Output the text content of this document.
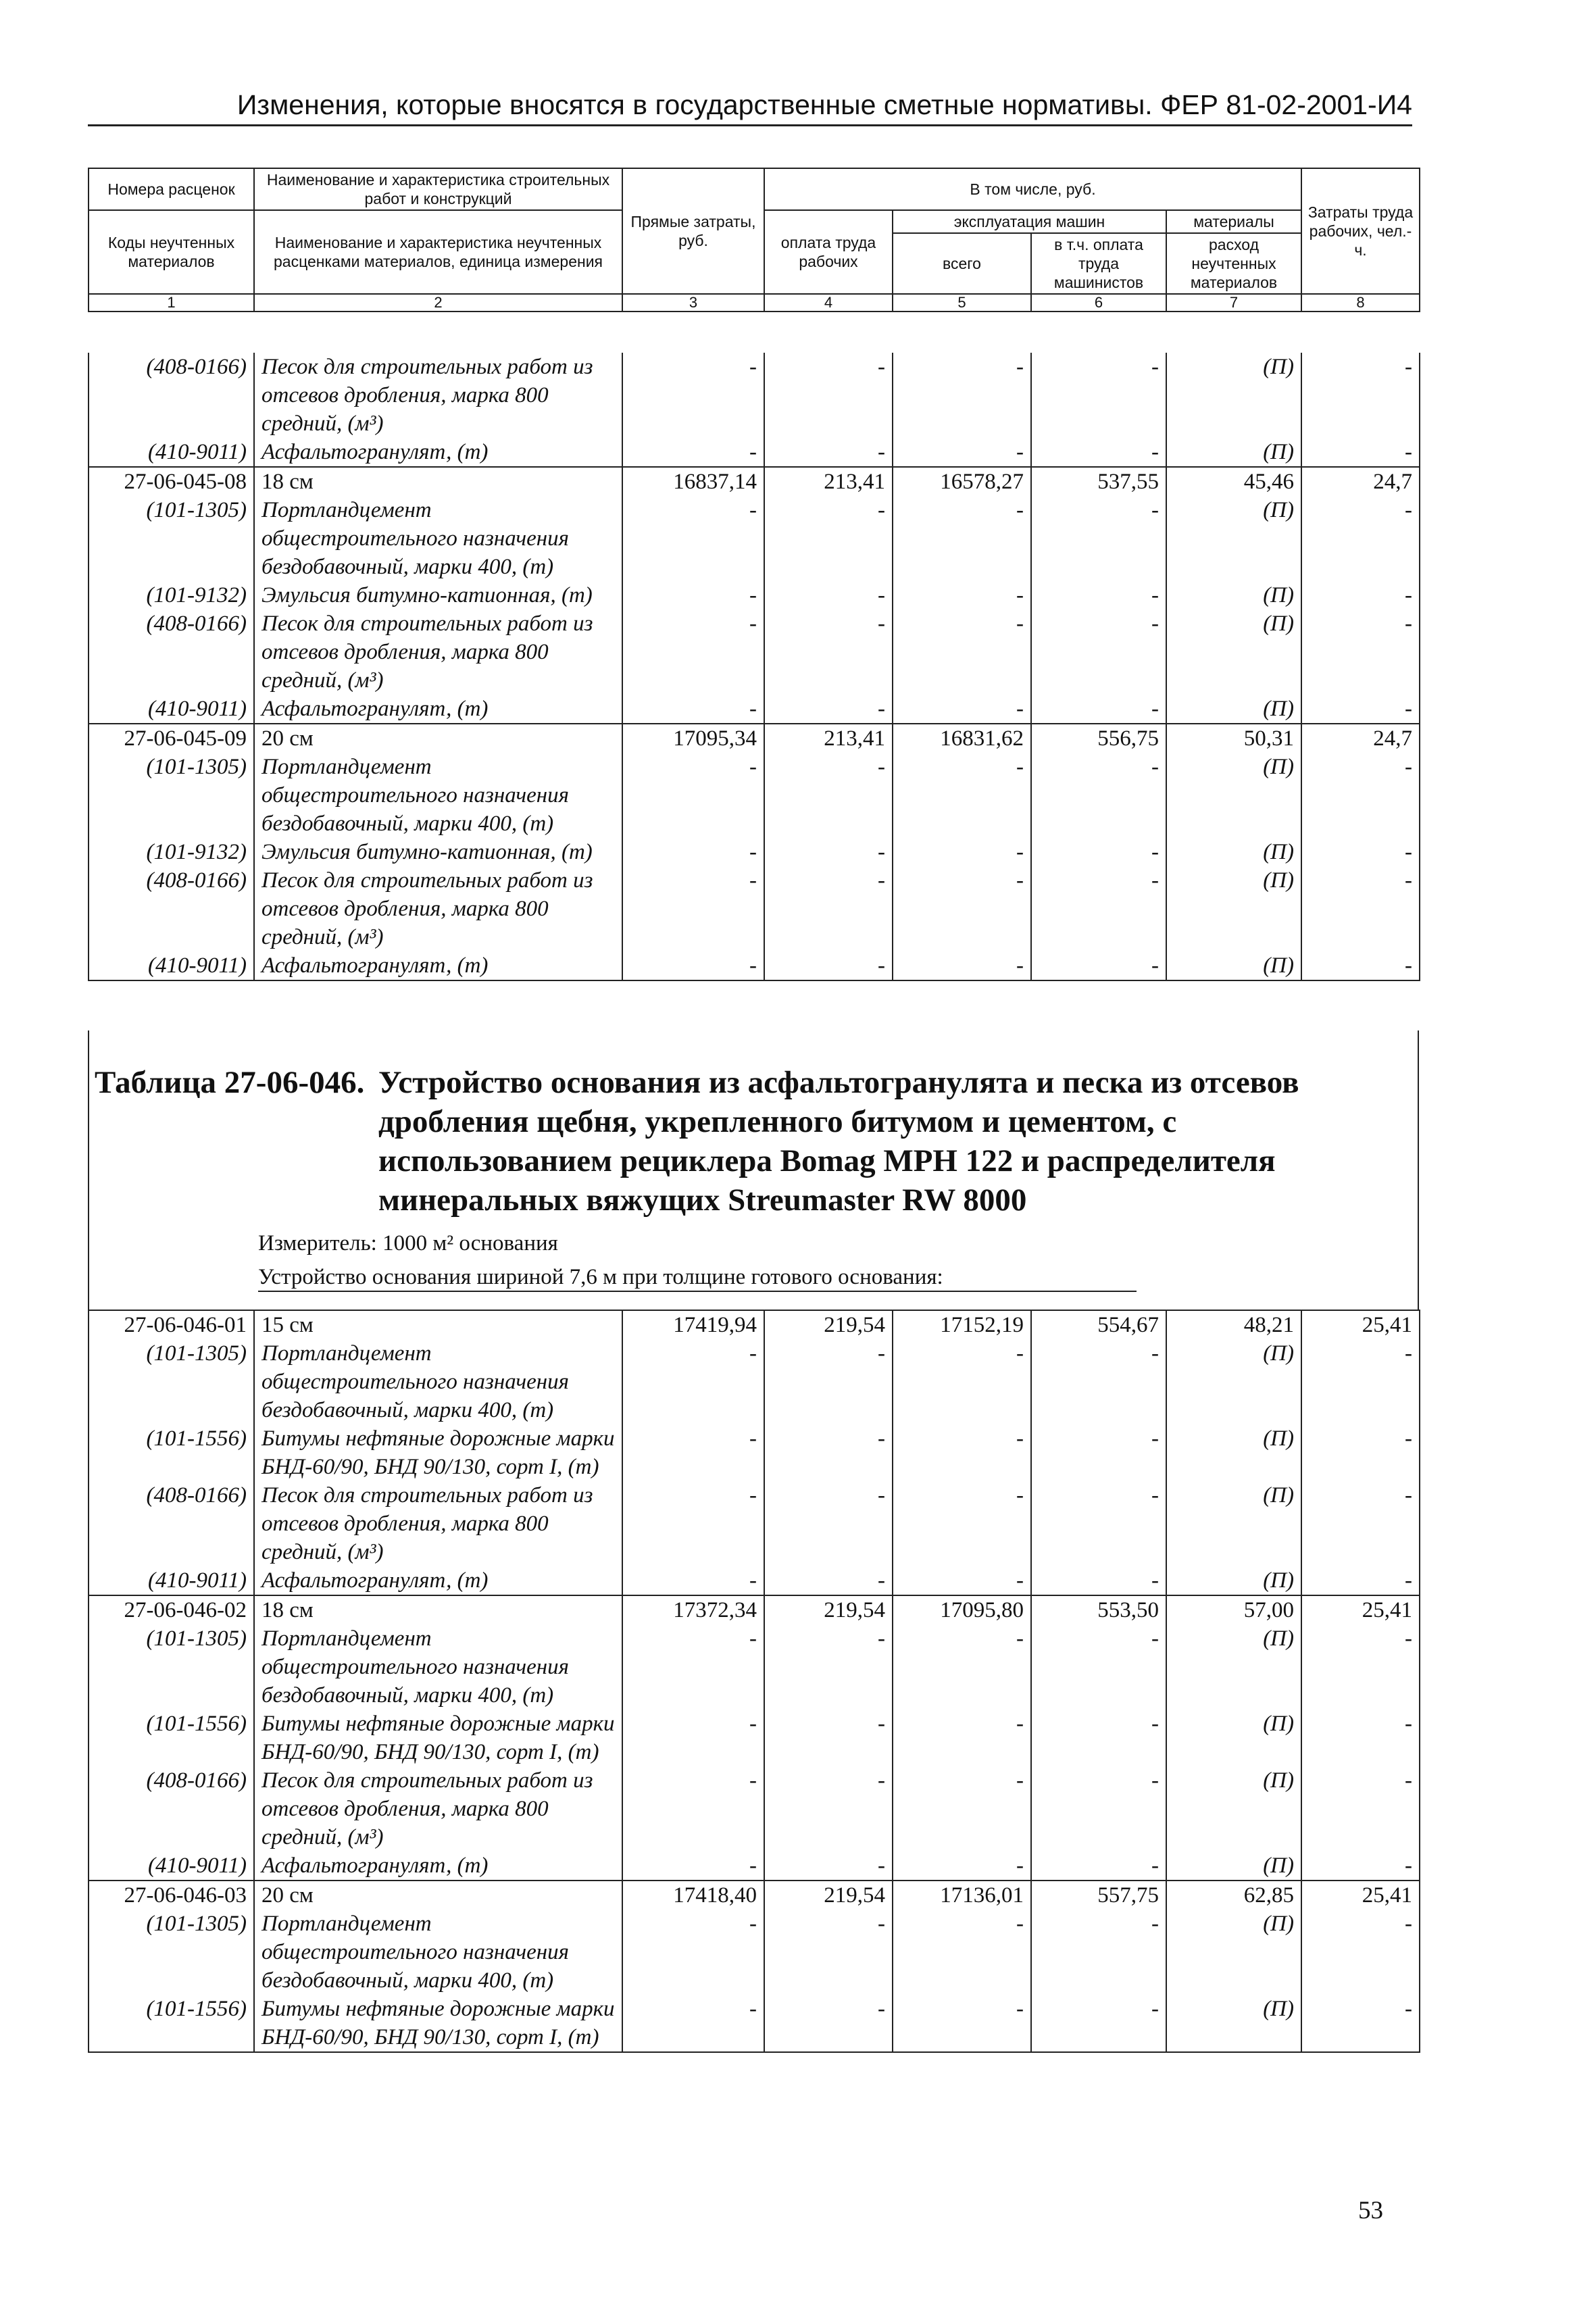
Изменения, которые вносятся в государственные сметные нормативы. ФЕР 81-02-2001-И4
Номера расценок	Наименование и характеристика строительных работ и конструкций	Прямые затраты, руб.	В том числе, руб.				Затраты труда рабочих, чел.-ч.
Коды неучтенных материалов	Наименование и характеристика неучтенных расценками материалов, единица измерения		оплата труда рабочих	эксплуатация машин		материалы	
				всего	в т.ч. оплата труда машинистов	расход неучтенных материалов	
1	2	3	4	5	6	7	8
(408-0166)	Песок для строительных работ из отсевов дробления, марка 800 средний, (м³)	-	-	-	-	(П)	-
(410-9011)	Асфальтогранулят, (т)	-	-	-	-	(П)	-
27-06-045-08	18 см	16837,14	213,41	16578,27	537,55	45,46	24,7
(101-1305)	Портландцемент общестроительного назначения бездобавочный, марки 400, (т)	-	-	-	-	(П)	-
(101-9132)	Эмульсия битумно-катионная, (т)	-	-	-	-	(П)	-
(408-0166)	Песок для строительных работ из отсевов дробления, марка 800 средний, (м³)	-	-	-	-	(П)	-
(410-9011)	Асфальтогранулят, (т)	-	-	-	-	(П)	-
27-06-045-09	20 см	17095,34	213,41	16831,62	556,75	50,31	24,7
(101-1305)	Портландцемент общестроительного назначения бездобавочный, марки 400, (т)	-	-	-	-	(П)	-
(101-9132)	Эмульсия битумно-катионная, (т)	-	-	-	-	(П)	-
(408-0166)	Песок для строительных работ из отсевов дробления, марка 800 средний, (м³)	-	-	-	-	(П)	-
(410-9011)	Асфальтогранулят, (т)	-	-	-	-	(П)	-
Таблица 27-06-046. Устройство основания из асфальтогранулята и песка из отсевов дробления щебня, укрепленного битумом и цементом, с использованием рециклера Bomag MPH 122 и распределителя минеральных вяжущих Streumaster RW 8000
Измеритель: 1000 м² основания
Устройство основания шириной 7,6 м при толщине готового основания:
27-06-046-01	15 см	17419,94	219,54	17152,19	554,67	48,21	25,41
(101-1305)	Портландцемент общестроительного назначения бездобавочный, марки 400, (т)	-	-	-	-	(П)	-
(101-1556)	Битумы нефтяные дорожные марки БНД-60/90, БНД 90/130, сорт I, (т)	-	-	-	-	(П)	-
(408-0166)	Песок для строительных работ из отсевов дробления, марка 800 средний, (м³)	-	-	-	-	(П)	-
(410-9011)	Асфальтогранулят, (т)	-	-	-	-	(П)	-
27-06-046-02	18 см	17372,34	219,54	17095,80	553,50	57,00	25,41
(101-1305)	Портландцемент общестроительного назначения бездобавочный, марки 400, (т)	-	-	-	-	(П)	-
(101-1556)	Битумы нефтяные дорожные марки БНД-60/90, БНД 90/130, сорт I, (т)	-	-	-	-	(П)	-
(408-0166)	Песок для строительных работ из отсевов дробления, марка 800 средний, (м³)	-	-	-	-	(П)	-
(410-9011)	Асфальтогранулят, (т)	-	-	-	-	(П)	-
27-06-046-03	20 см	17418,40	219,54	17136,01	557,75	62,85	25,41
(101-1305)	Портландцемент общестроительного назначения бездобавочный, марки 400, (т)	-	-	-	-	(П)	-
(101-1556)	Битумы нефтяные дорожные марки БНД-60/90, БНД 90/130, сорт I, (т)	-	-	-	-	(П)	-
53
